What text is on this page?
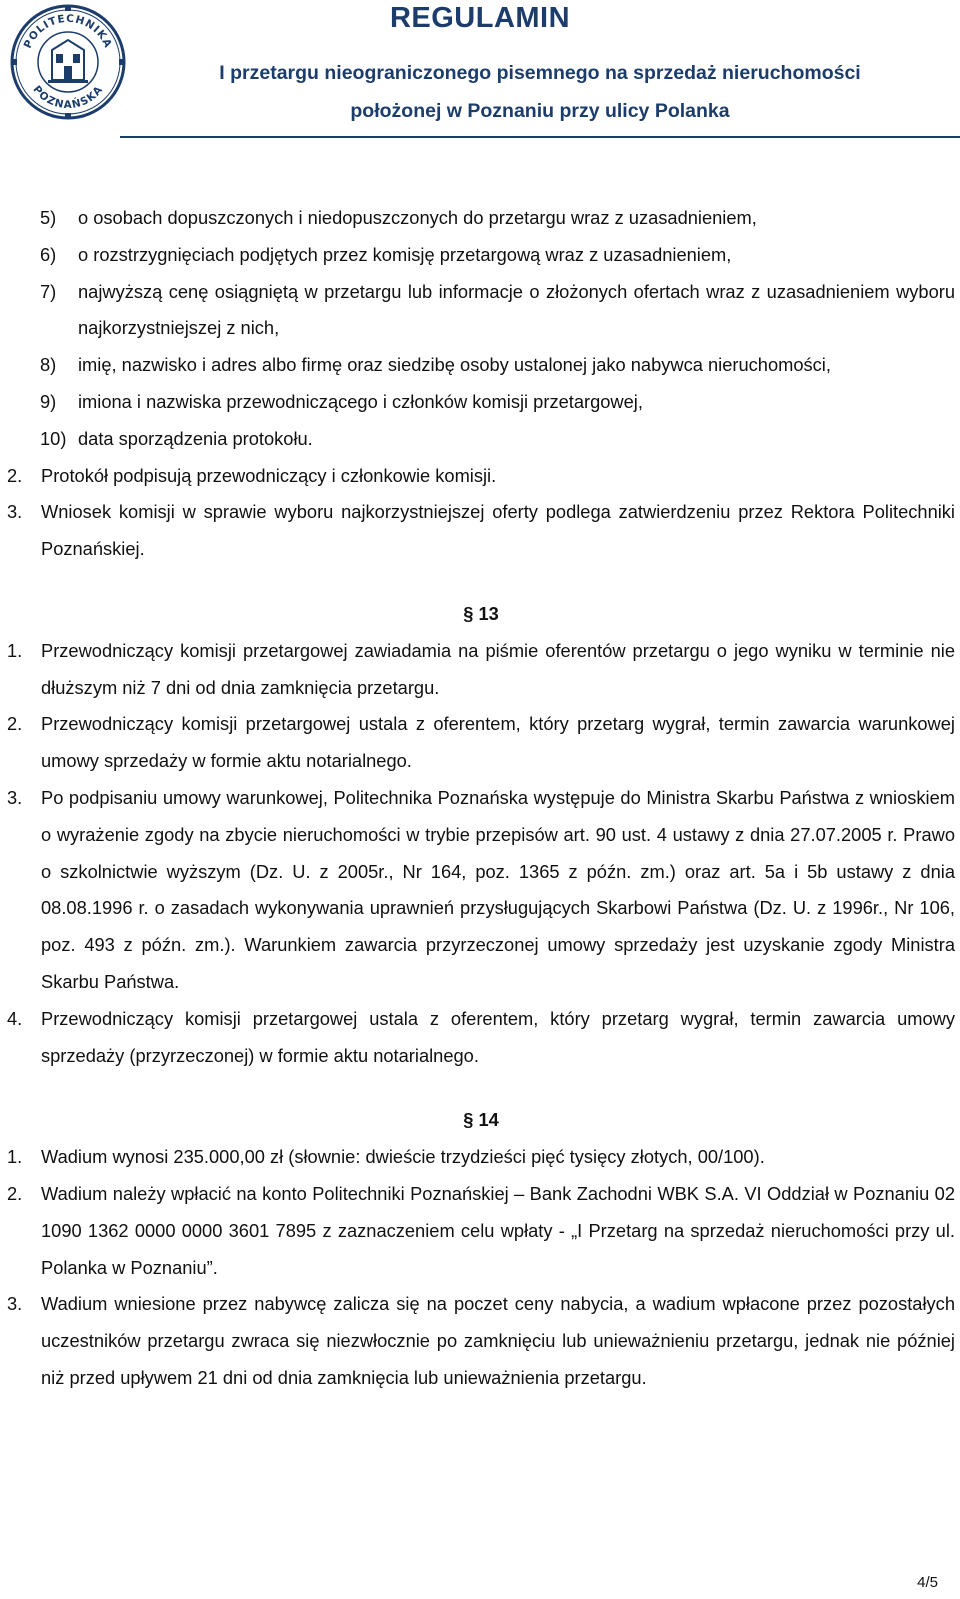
POLITECHNIKA
POZNAŃSKA
REGULAMIN
I przetargu nieograniczonego pisemnego na sprzedaż nieruchomości
położonej w Poznaniu przy ulicy Polanka
5) o osobach dopuszczonych i niedopuszczonych do przetargu wraz z uzasadnieniem,
6) o rozstrzygnięciach podjętych przez komisję przetargową wraz z uzasadnieniem,
7) najwyższą cenę osiągniętą w przetargu lub informacje o złożonych ofertach wraz z uzasadnieniem wyboru najkorzystniejszej z nich,
8) imię, nazwisko i adres albo firmę oraz siedzibę osoby ustalonej jako nabywca nieruchomości,
9) imiona i nazwiska przewodniczącego i członków komisji przetargowej,
10) data sporządzenia protokołu.
2. Protokół podpisują przewodniczący i członkowie komisji.
3. Wniosek komisji w sprawie wyboru najkorzystniejszej oferty podlega zatwierdzeniu przez Rektora Politechniki Poznańskiej.
§ 13
1. Przewodniczący komisji przetargowej zawiadamia na piśmie oferentów przetargu o jego wyniku w terminie nie dłuższym niż 7 dni od dnia zamknięcia przetargu.
2. Przewodniczący komisji przetargowej ustala z oferentem, który przetarg wygrał, termin zawarcia warunkowej umowy sprzedaży w formie aktu notarialnego.
3. Po podpisaniu umowy warunkowej, Politechnika Poznańska występuje do Ministra Skarbu Państwa z wnioskiem o wyrażenie zgody na zbycie nieruchomości w trybie przepisów art. 90 ust. 4 ustawy z dnia 27.07.2005 r. Prawo o szkolnictwie wyższym (Dz. U. z 2005r., Nr 164, poz. 1365 z późn. zm.) oraz art. 5a i 5b ustawy z dnia 08.08.1996 r. o zasadach wykonywania uprawnień przysługujących Skarbowi Państwa (Dz. U. z 1996r., Nr 106, poz. 493 z późn. zm.). Warunkiem zawarcia przyrzeczonej umowy sprzedaży jest uzyskanie zgody Ministra Skarbu Państwa.
4. Przewodniczący komisji przetargowej ustala z oferentem, który przetarg wygrał, termin zawarcia umowy sprzedaży (przyrzeczonej) w formie aktu notarialnego.
§ 14
1. Wadium wynosi 235.000,00 zł (słownie: dwieście trzydzieści pięć tysięcy złotych, 00/100).
2. Wadium należy wpłacić na konto Politechniki Poznańskiej – Bank Zachodni WBK S.A. VI Oddział w Poznaniu 02 1090 1362 0000 0000 3601 7895 z zaznaczeniem celu wpłaty - „I Przetarg na sprzedaż nieruchomości przy ul. Polanka w Poznaniu”.
3. Wadium wniesione przez nabywcę zalicza się na poczet ceny nabycia, a wadium wpłacone przez pozostałych uczestników przetargu zwraca się niezwłocznie po zamknięciu lub unieważnieniu przetargu, jednak nie później niż przed upływem 21 dni od dnia zamknięcia lub unieważnienia przetargu.
4/5
